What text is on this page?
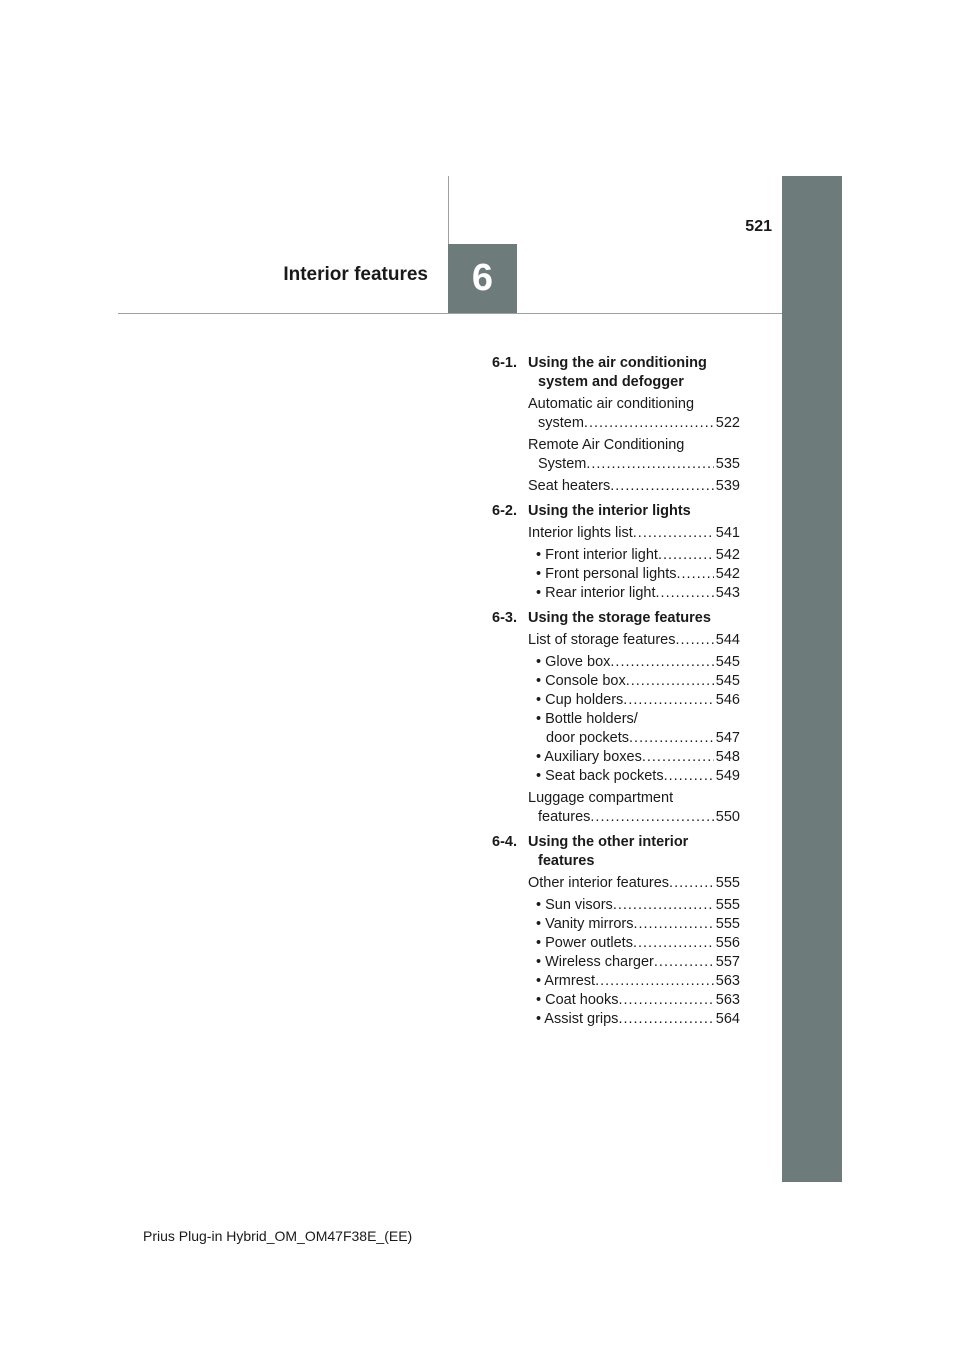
521
Interior features 6
6-1. Using the air conditioning
system and defogger
Automatic air conditioning
system .....	522
Remote Air Conditioning
System .....	535
Seat heaters .....	539
6-2. Using the interior lights
Interior lights list .....	541
• Front interior light .....	542
• Front personal lights .....	542
• Rear interior light .....	543
6-3. Using the storage features
List of storage features .....	544
• Glove box .....	545
• Console box .....	545
• Cup holders .....	546
• Bottle holders/
door pockets .....	547
• Auxiliary boxes .....	548
• Seat back pockets .....	549
Luggage compartment
features .....	550
6-4. Using the other interior
features
Other interior features .....	555
• Sun visors .....	555
• Vanity mirrors .....	555
• Power outlets .....	556
• Wireless charger .....	557
• Armrest .....	563
• Coat hooks .....	563
• Assist grips .....	564
Prius Plug-in Hybrid_OM_OM47F38E_(EE)
